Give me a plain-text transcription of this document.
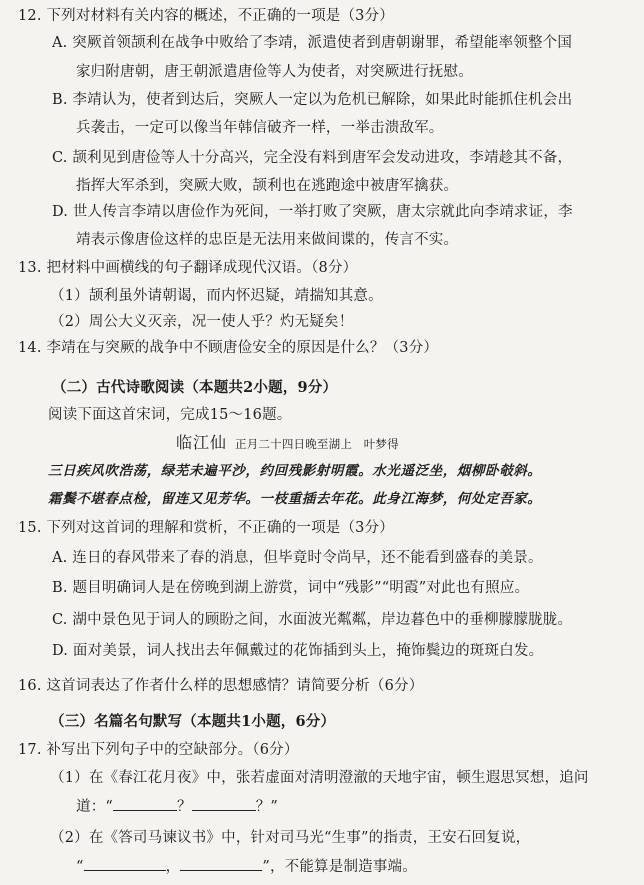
12. 下列对材料有关内容的概述，不正确的一项是（3分）
A. 突厥首领颉利在战争中败给了李靖，派遣使者到唐朝谢罪，希望能率领整个国
家归附唐朝，唐王朝派遣唐俭等人为使者，对突厥进行抚慰。
B. 李靖认为，使者到达后，突厥人一定以为危机已解除，如果此时能抓住机会出
兵袭击，一定可以像当年韩信破齐一样，一举击溃敌军。
C. 颉利见到唐俭等人十分高兴，完全没有料到唐军会发动进攻，李靖趁其不备，
指挥大军杀到，突厥大败，颉利也在逃跑途中被唐军擒获。
D. 世人传言李靖以唐俭作为死间，一举打败了突厥，唐太宗就此向李靖求证，李
靖表示像唐俭这样的忠臣是无法用来做间谍的，传言不实。
13. 把材料中画横线的句子翻译成现代汉语。（8分）
（1）颉利虽外请朝谒，而内怀迟疑，靖揣知其意。
（2）周公大义灭亲，况一使人乎？灼无疑矣！
14. 李靖在与突厥的战争中不顾唐俭安全的原因是什么？（3分）
（二）古代诗歌阅读（本题共2小题，9分）
阅读下面这首宋词，完成15～16题。
临江仙 正月二十四日晚至湖上　叶梦得
三日疾风吹浩荡，绿芜未遍平沙，约回残影射明霞。水光遥泛坐，烟柳卧攲斜。
霜鬓不堪春点检，留连又见芳华。一枝重插去年花。此身江海梦，何处定吾家。
15. 下列对这首词的理解和赏析，不正确的一项是（3分）
A. 连日的春风带来了春的消息，但毕竟时令尚早，还不能看到盛春的美景。
B. 题目明确词人是在傍晚到湖上游赏，词中“残影”“明霞”对此也有照应。
C. 湖中景色见于词人的顾盼之间，水面波光粼粼，岸边暮色中的垂柳朦朦胧胧。
D. 面对美景，词人找出去年佩戴过的花饰插到头上，掩饰鬓边的斑斑白发。
16. 这首词表达了作者什么样的思想感情？请简要分析（6分）
（三）名篇名句默写（本题共1小题，6分）
17. 补写出下列句子中的空缺部分。（6分）
（1）在《春江花月夜》中，张若虚面对清明澄澈的天地宇宙，顿生遐思冥想，追问
道：“	？	？”
（2）在《答司马谏议书》中，针对司马光“生事”的指责，王安石回复说，
“	，	”，不能算是制造事端。
